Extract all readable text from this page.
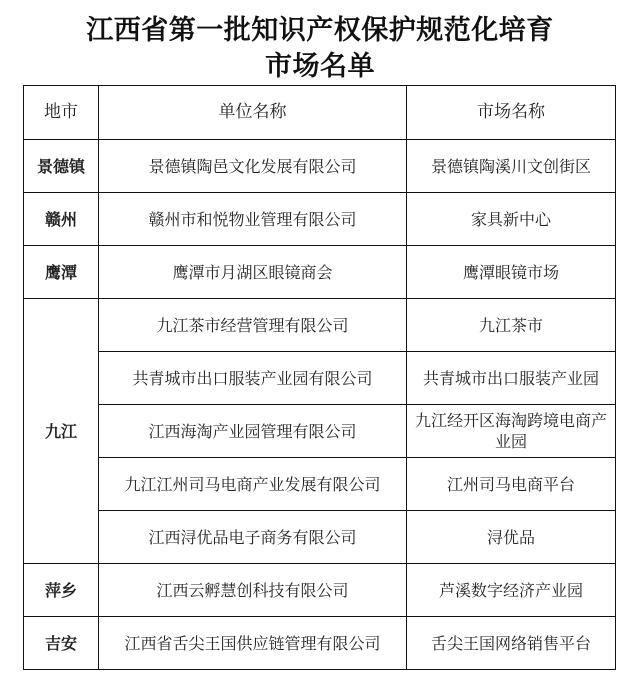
江西省第一批知识产权保护规范化培育
市场名单
地市	单位名称	市场名称
景德镇	景德镇陶邑文化发展有限公司	景德镇陶溪川文创街区
赣州	赣州市和悦物业管理有限公司	家具新中心
鹰潭	鹰潭市月湖区眼镜商会	鹰潭眼镜市场
九江	九江茶市经营管理有限公司	九江茶市
	共青城市出口服装产业园有限公司	共青城市出口服装产业园
	江西海淘产业园管理有限公司	九江经开区海淘跨境电商产业园
	九江江州司马电商产业发展有限公司	江州司马电商平台
	江西浔优品电子商务有限公司	浔优品
萍乡	江西云孵慧创科技有限公司	芦溪数字经济产业园
吉安	江西省舌尖王国供应链管理有限公司	舌尖王国网络销售平台
